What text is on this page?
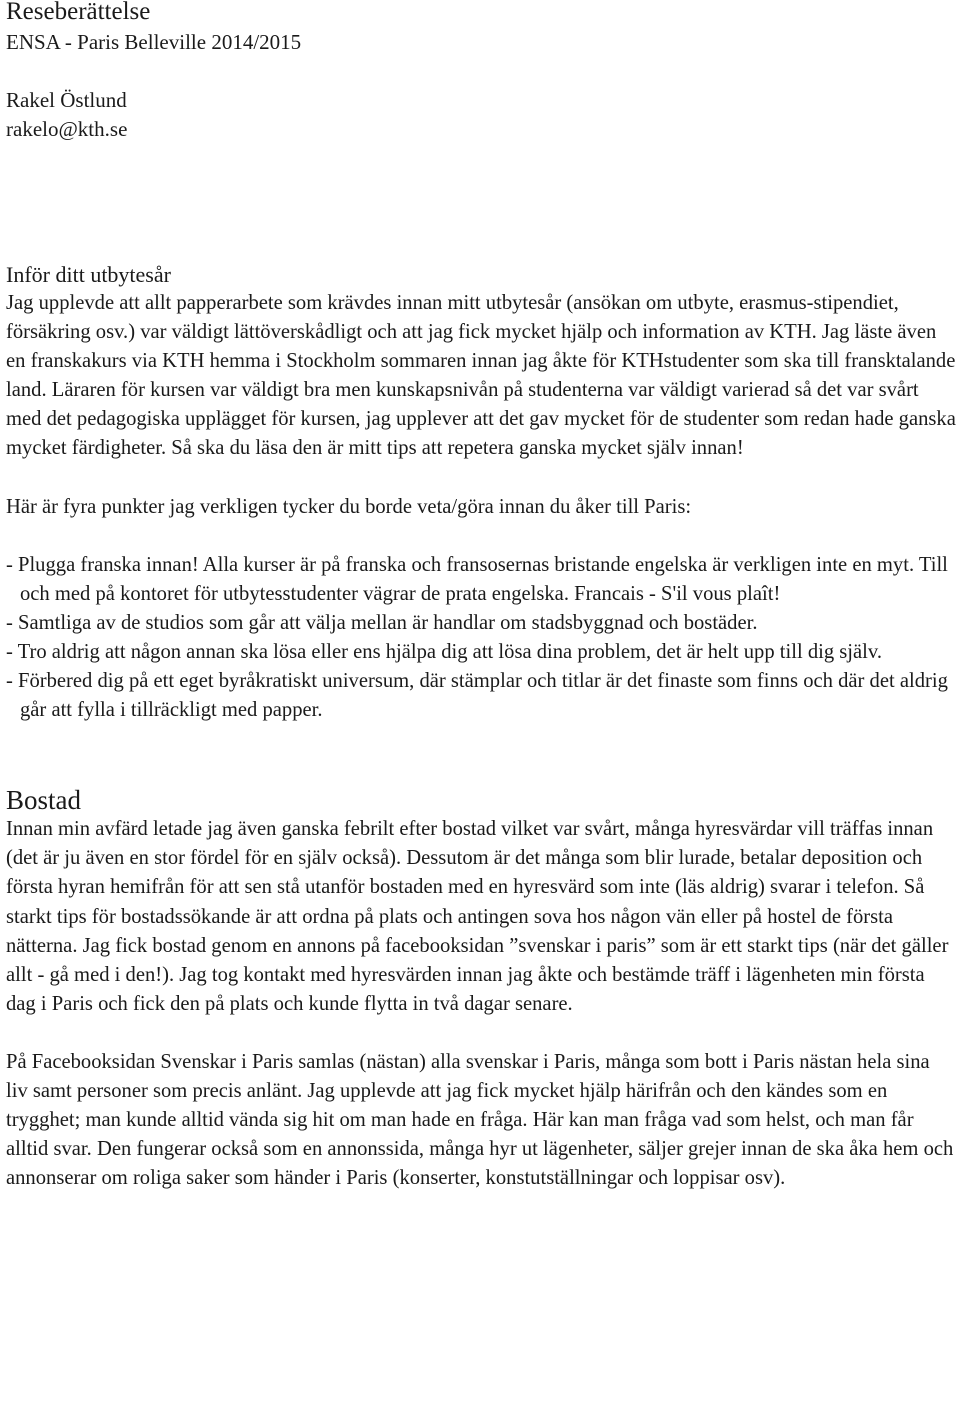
Reseberättelse
ENSA - Paris Belleville 2014/2015
Rakel Östlund
rakelo@kth.se
Inför ditt utbytesår

Jag upplevde att allt papperarbete som krävdes innan mitt utbytesår (ansökan om utbyte, erasmus-stipendiet, försäkring osv.) var väldigt lättöverskådligt och att jag fick mycket hjälp och information av KTH. Jag läste även en franskakurs via KTH hemma i Stockholm sommaren innan jag åkte för KTHstudenter som ska till fransktalande land. Läraren för kursen var väldigt bra men kunskapsnivån på studenterna var väldigt varierad så det var svårt med det pedagogiska upplägget för kursen, jag upplever att det gav mycket för de studenter som redan hade ganska mycket färdigheter. Så ska du läsa den är mitt tips att repetera ganska mycket själv innan!

Här är fyra punkter jag verkligen tycker du borde veta/göra innan du åker till Paris:

- Plugga franska innan! Alla kurser är på franska och fransosernas bristande engelska är verkligen inte en myt. Till och med på kontoret för utbytesstudenter vägrar de prata engelska. Francais - S'il vous plaît!
- Samtliga av de studios som går att välja mellan är handlar om stadsbyggnad och bostäder.
- Tro aldrig att någon annan ska lösa eller ens hjälpa dig att lösa dina problem, det är helt upp till dig själv.
- Förbered dig på ett eget byråkratiskt universum, där stämplar och titlar är det finaste som finns och där det aldrig går att fylla i tillräckligt med papper.
Bostad

Innan min avfärd letade jag även ganska febrilt efter bostad vilket var svårt, många hyresvärdar vill träffas innan (det är ju även en stor fördel för en själv också). Dessutom är det många som blir lurade, betalar deposition och första hyran hemifrån för att sen stå utanför bostaden med en hyresvärd som inte (läs aldrig) svarar i telefon. Så starkt tips för bostadssökande är att ordna på plats och antingen sova hos någon vän eller på hostel de första nätterna. Jag fick bostad genom en annons på facebooksidan ”svenskar i paris” som är ett starkt tips (när det gäller allt - gå med i den!). Jag tog kontakt med hyresvärden innan jag åkte och bestämde träff i lägenheten min första dag i Paris och fick den på plats och kunde flytta in två dagar senare.

På Facebooksidan Svenskar i Paris samlas (nästan) alla svenskar i Paris, många som bott i Paris nästan hela sina liv samt personer som precis anlänt. Jag upplevde att jag fick mycket hjälp härifrån och den kändes som en trygghet; man kunde alltid vända sig hit om man hade en fråga. Här kan man fråga vad som helst, och man får alltid svar. Den fungerar också som en annonssida, många hyr ut lägenheter, säljer grejer innan de ska åka hem och annonserar om roliga saker som händer i Paris (konserter, konstutställningar och loppisar osv).
